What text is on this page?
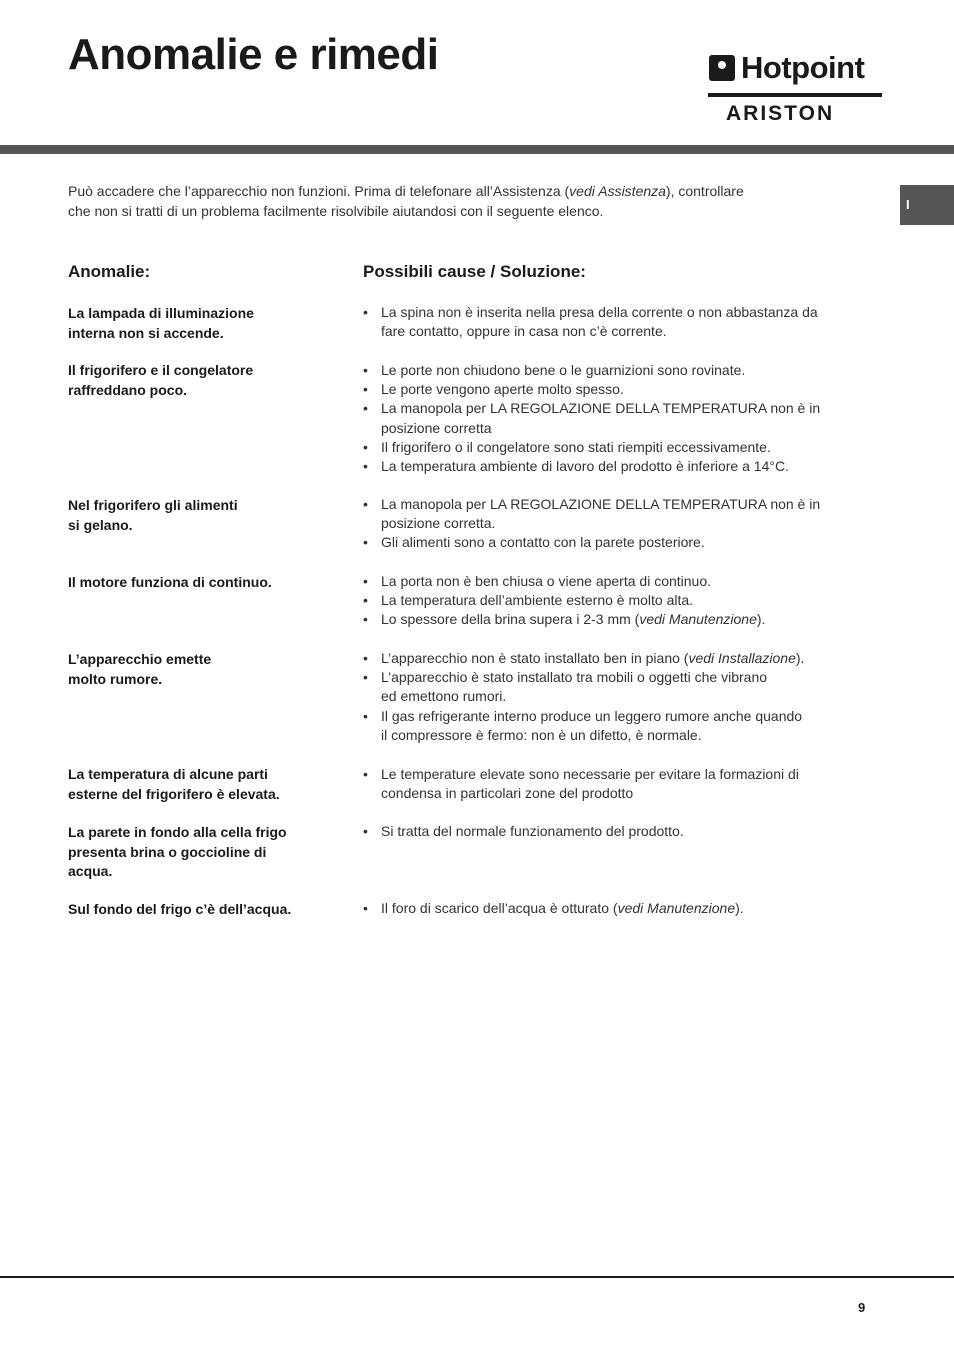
Anomalie e rimedi	Hotpoint
ARISTON
I

Può accadere che l’apparecchio non funzioni. Prima di telefonare all’Assistenza (vedi Assistenza), controllare
che non si tratti di un problema facilmente risolvibile aiutandosi con il seguente elenco.

Anomalie:	Possibili cause / Soluzione:

La lampada di illuminazione
interna non si accende.

• La spina non è inserita nella presa della corrente o non abbastanza da
fare contatto, oppure in casa non c’è corrente.

Il frigorifero e il congelatore
raffreddano poco.

• Le porte non chiudono bene o le guarnizioni sono rovinate.
• Le porte vengono aperte molto spesso.
• La manopola per LA REGOLAZIONE DELLA TEMPERATURA non è in
posizione corretta
• Il frigorifero o il congelatore sono stati riempiti eccessivamente.
• La temperatura ambiente di lavoro del prodotto è inferiore a 14°C.

Nel frigorifero gli alimenti
si gelano.

• La manopola per LA REGOLAZIONE DELLA TEMPERATURA non è in
posizione corretta.
• Gli alimenti sono a contatto con la parete posteriore.

Il motore funziona di continuo.	• La porta non è ben chiusa o viene aperta di continuo.
• La temperatura dell’ambiente esterno è molto alta.
• Lo spessore della brina supera i 2-3 mm (vedi Manutenzione).

L’apparecchio emette
molto rumore.

• L’apparecchio non è stato installato ben in piano (vedi Installazione).
• L’apparecchio è stato installato tra mobili o oggetti che vibrano
ed emettono rumori.
• Il gas refrigerante interno produce un leggero rumore anche quando
il compressore è fermo: non è un difetto, è normale.

La temperatura di alcune parti
esterne del frigorifero è elevata.

• Le temperature elevate sono necessarie per evitare la formazioni di
condensa in particolari zone del prodotto

La parete in fondo alla cella frigo
presenta brina o goccioline di
acqua.

• Si tratta del normale funzionamento del prodotto.

Sul fondo del frigo c’è dell’acqua.	• Il foro di scarico dell’acqua è otturato (vedi Manutenzione).
9
